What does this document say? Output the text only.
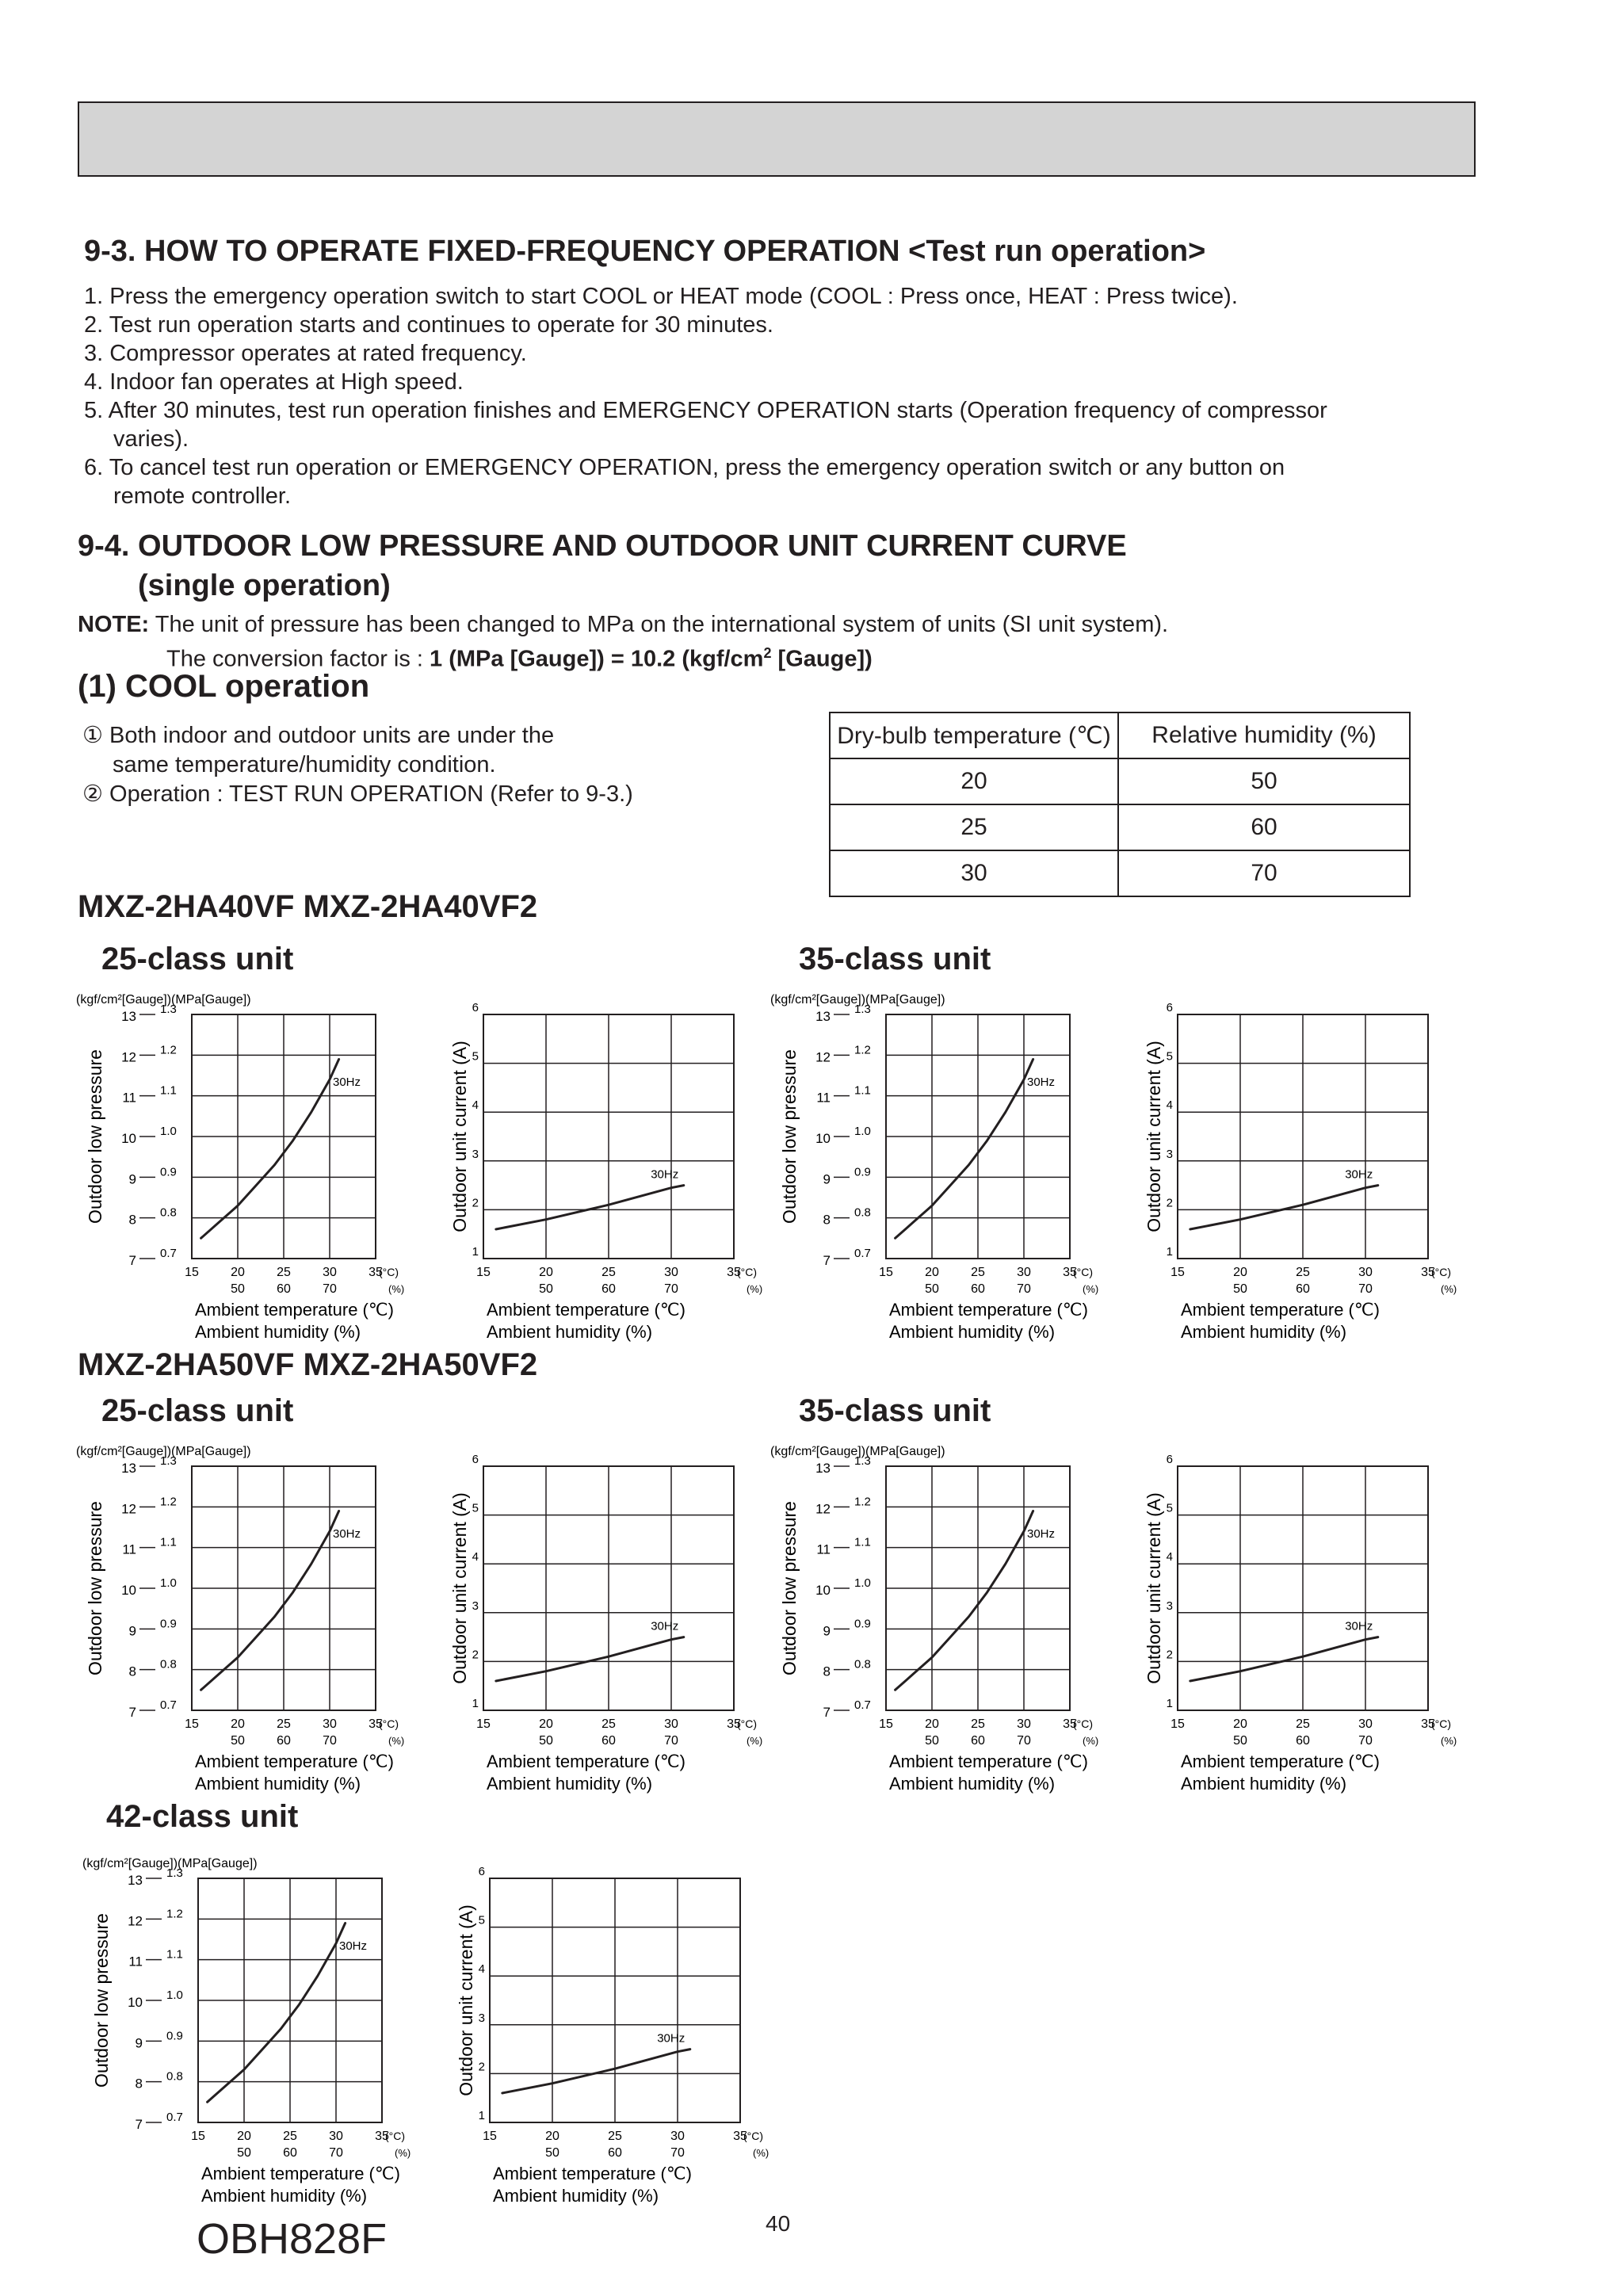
9-3. HOW TO OPERATE FIXED-FREQUENCY OPERATION <Test run operation>
1. Press the emergency operation switch to start COOL or HEAT mode (COOL : Press once, HEAT : Press twice).
2. Test run operation starts and continues to operate for 30 minutes.
3. Compressor operates at rated frequency.
4. Indoor fan operates at High speed.
5. After 30 minutes, test run operation finishes and EMERGENCY OPERATION starts (Operation frequency of compressor
varies).
6. To cancel test run operation or EMERGENCY OPERATION, press the emergency operation switch or any button on
remote controller.
9-4. OUTDOOR LOW PRESSURE AND OUTDOOR UNIT CURRENT CURVE
(single operation)
NOTE: The unit of pressure has been changed to MPa on the international system of units (SI unit system).
The conversion factor is : 1 (MPa [Gauge]) = 10.2 ($kgf/cm^2$ [Gauge])
(1) COOL operation
① Both indoor and outdoor units are under the
same temperature/humidity condition.
② Operation : TEST RUN OPERATION (Refer to 9-3.)
Dry-bulb temperature (℃)	Relative humidity (%)
20	50
25	60
30	70
MXZ-2HA40VF MXZ-2HA40VF2
25-class unit	35-class unit
7
8
9
10
11
12
13
0.7
0.8
0.9
1.0
1.1
1.2
1.3
(kgf/cm²[Gauge])(MPa[Gauge])
Outdoor low pressure
15	20	25	30	35
50	60	70
(°C)
(%)
Ambient temperature (℃)
Ambient humidity (%)
30Hz
1
2
3
4
5
6
Outdoor unit current (A)
15	20	25	30	35
50	60	70
(°C)
(%)
Ambient temperature (℃)
Ambient humidity (%)
30Hz
7
8
9
10
11
12
13
0.7
0.8
0.9
1.0
1.1
1.2
1.3
(kgf/cm²[Gauge])(MPa[Gauge])
Outdoor low pressure
15	20	25	30	35
50	60	70
(°C)
(%)
Ambient temperature (℃)
Ambient humidity (%)
30Hz
1
2
3
4
5
6
Outdoor unit current (A)
15	20	25	30	35
50	60	70
(°C)
(%)
Ambient temperature (℃)
Ambient humidity (%)
30Hz
MXZ-2HA50VF MXZ-2HA50VF2
25-class unit	35-class unit
7
8
9
10
11
12
13
0.7
0.8
0.9
1.0
1.1
1.2
1.3
(kgf/cm²[Gauge])(MPa[Gauge])
Outdoor low pressure
15	20	25	30	35
50	60	70
(°C)
(%)
Ambient temperature (℃)
Ambient humidity (%)
30Hz
1
2
3
4
5
6
Outdoor unit current (A)
15	20	25	30	35
50	60	70
(°C)
(%)
Ambient temperature (℃)
Ambient humidity (%)
30Hz
7
8
9
10
11
12
13
0.7
0.8
0.9
1.0
1.1
1.2
1.3
(kgf/cm²[Gauge])(MPa[Gauge])
Outdoor low pressure
15	20	25	30	35
50	60	70
(°C)
(%)
Ambient temperature (℃)
Ambient humidity (%)
30Hz
1
2
3
4
5
6
Outdoor unit current (A)
15	20	25	30	35
50	60	70
(°C)
(%)
Ambient temperature (℃)
Ambient humidity (%)
30Hz
42-class unit
7
8
9
10
11
12
13
0.7
0.8
0.9
1.0
1.1
1.2
1.3
(kgf/cm²[Gauge])(MPa[Gauge])
Outdoor low pressure
15	20	25	30	35
50	60	70
(°C)
(%)
Ambient temperature (℃)
Ambient humidity (%)
30Hz
1
2
3
4
5
6
Outdoor unit current (A)
15	20	25	30	35
50	60	70
(°C)
(%)
Ambient temperature (℃)
Ambient humidity (%)
30Hz
40
OBH828F
